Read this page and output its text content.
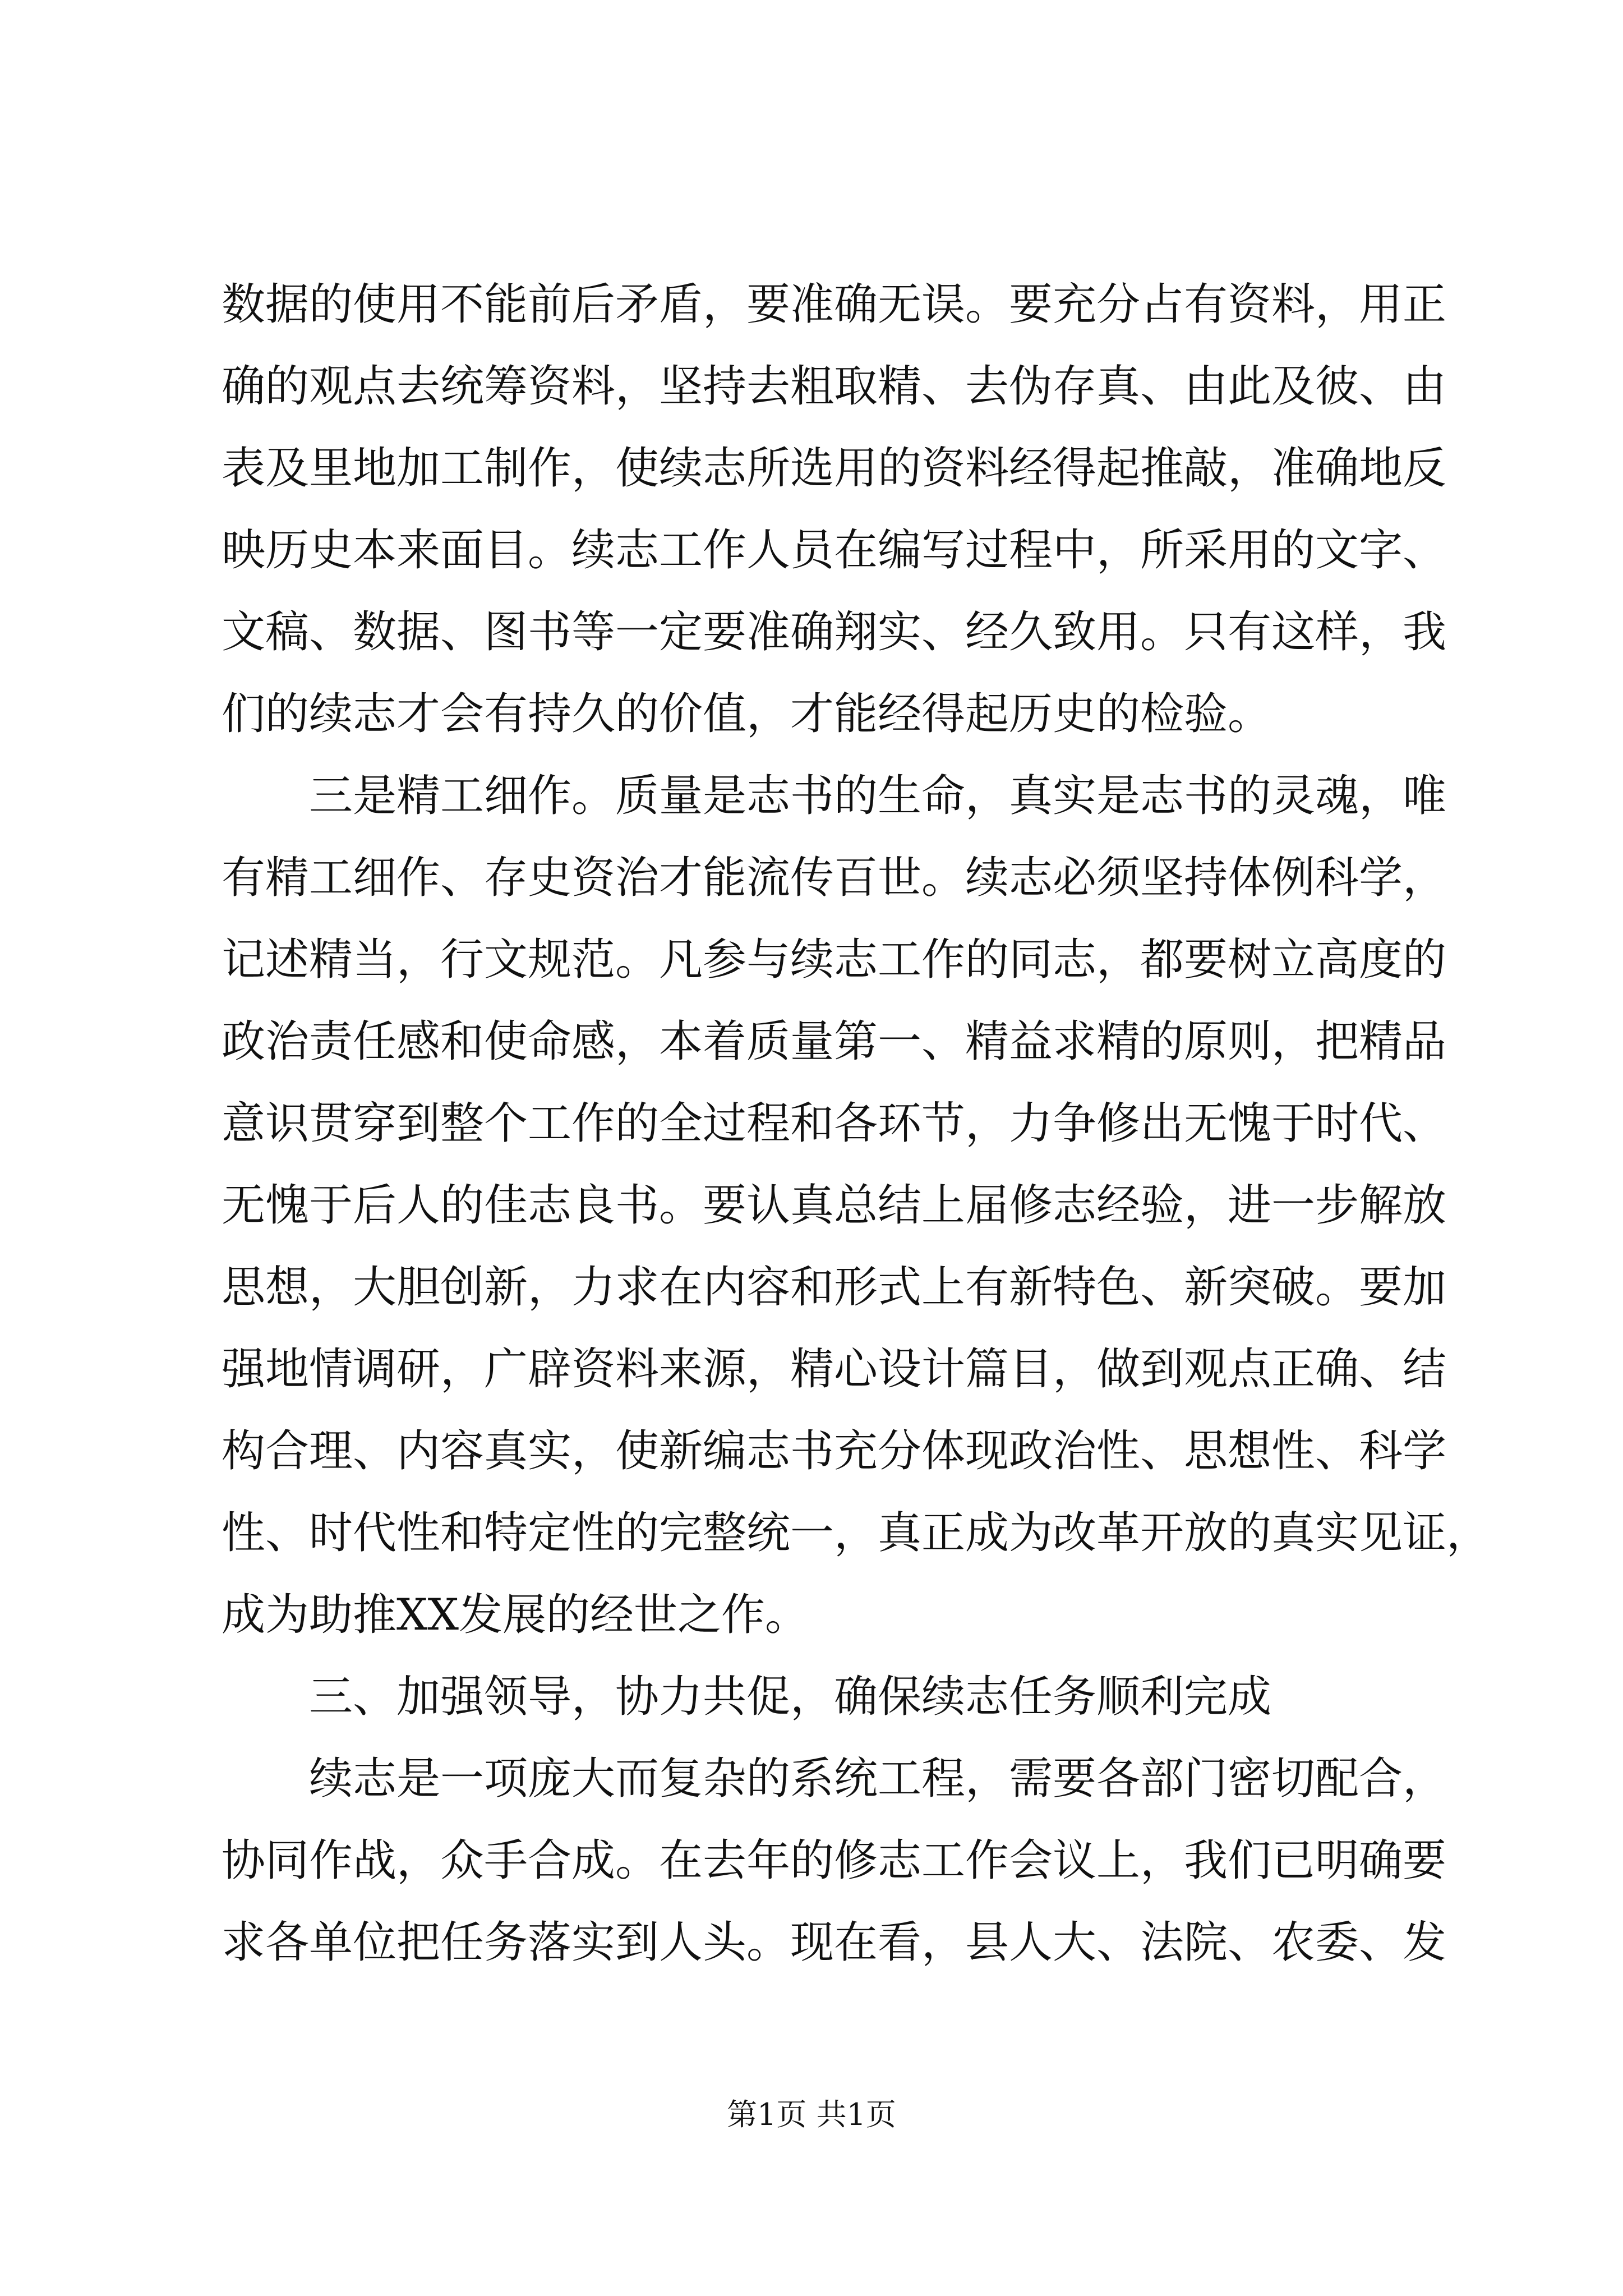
数据的使用不能前后矛盾，要准确无误。要充分占有资料，用正
确的观点去统筹资料，坚持去粗取精、去伪存真、由此及彼、由
表及里地加工制作，使续志所选用的资料经得起推敲，准确地反
映历史本来面目。续志工作人员在编写过程中，所采用的文字、
文稿、数据、图书等一定要准确翔实、经久致用。只有这样，我
们的续志才会有持久的价值，才能经得起历史的检验。
三是精工细作。质量是志书的生命，真实是志书的灵魂，唯
有精工细作、存史资治才能流传百世。续志必须坚持体例科学，
记述精当，行文规范。凡参与续志工作的同志，都要树立高度的
政治责任感和使命感，本着质量第一、精益求精的原则，把精品
意识贯穿到整个工作的全过程和各环节，力争修出无愧于时代、
无愧于后人的佳志良书。要认真总结上届修志经验，进一步解放
思想，大胆创新，力求在内容和形式上有新特色、新突破。要加
强地情调研，广辟资料来源，精心设计篇目，做到观点正确、结
构合理、内容真实，使新编志书充分体现政治性、思想性、科学
性、时代性和特定性的完整统一，真正成为改革开放的真实见证，
成为助推XX发展的经世之作。
三、加强领导，协力共促，确保续志任务顺利完成
续志是一项庞大而复杂的系统工程，需要各部门密切配合，
协同作战，众手合成。在去年的修志工作会议上，我们已明确要
求各单位把任务落实到人头。现在看，县人大、法院、农委、发
第1页 共1页
